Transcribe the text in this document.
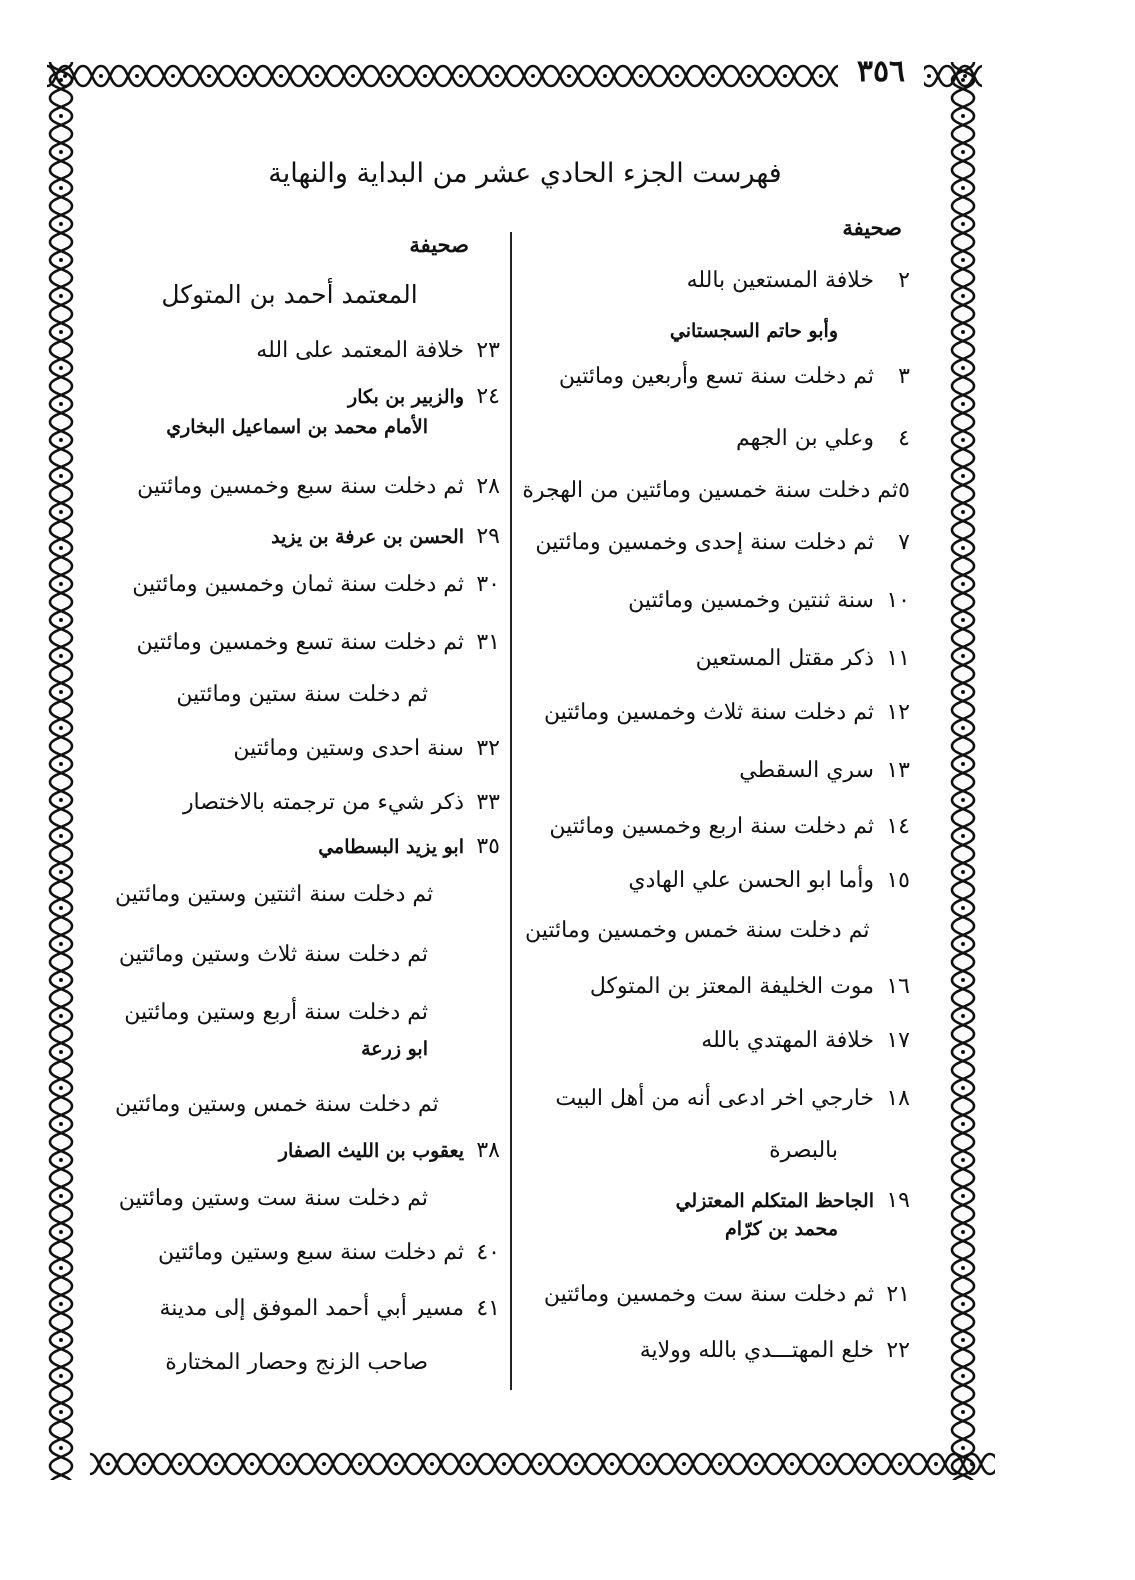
٣٥٦
فهرست الجزء الحادي عشر من البداية والنهاية
صحيفة
صحيفة
٢
خلافة المستعين بالله
وأبو حاتم السجستاني
٣
ثم دخلت سنة تسع وأربعين ومائتين
٤
وعلي بن الجهم
٥
ثم دخلت سنة خمسين ومائتين من الهجرة
٧
ثم دخلت سنة إحدى وخمسين ومائتين
١٠
سنة ثنتين وخمسين ومائتين
١١
ذكر مقتل المستعين
١٢
ثم دخلت سنة ثلاث وخمسين ومائتين
١٣
سري السقطي
١٤
ثم دخلت سنة اربع وخمسين ومائتين
١٥
وأما ابو الحسن علي الهادي
ثم دخلت سنة خمس وخمسين ومائتين
١٦
موت الخليفة المعتز بن المتوكل
١٧
خلافة المهتدي بالله
١٨
خارجي اخر ادعى أنه من أهل البيت
بالبصرة
١٩
الجاحظ المتكلم المعتزلي
محمد بن كرّام
٢١
ثم دخلت سنة ست وخمسين ومائتين
٢٢
خلع المهتـــدي بالله وولاية
المعتمد أحمد بن المتوكل
٢٣
خلافة المعتمد على الله
٢٤
والزبير بن بكار
الأمام محمد بن اسماعيل البخاري
٢٨
ثم دخلت سنة سبع وخمسين ومائتين
٢٩
الحسن بن عرفة بن يزيد
٣٠
ثم دخلت سنة ثمان وخمسين ومائتين
٣١
ثم دخلت سنة تسع وخمسين ومائتين
ثم دخلت سنة ستين ومائتين
٣٢
سنة احدى وستين ومائتين
٣٣
ذكر شيء من ترجمته بالاختصار
٣٥
ابو يزيد البسطامي
ثم دخلت سنة اثنتين وستين ومائتين
ثم دخلت سنة ثلاث وستين ومائتين
ثم دخلت سنة أربع وستين ومائتين
ابو زرعة
ثم دخلت سنة خمس وستين ومائتين
٣٨
يعقوب بن الليث الصفار
ثم دخلت سنة ست وستين ومائتين
٤٠
ثم دخلت سنة سبع وستين ومائتين
٤١
مسير أبي أحمد الموفق إلى مدينة
صاحب الزنج وحصار المختارة
